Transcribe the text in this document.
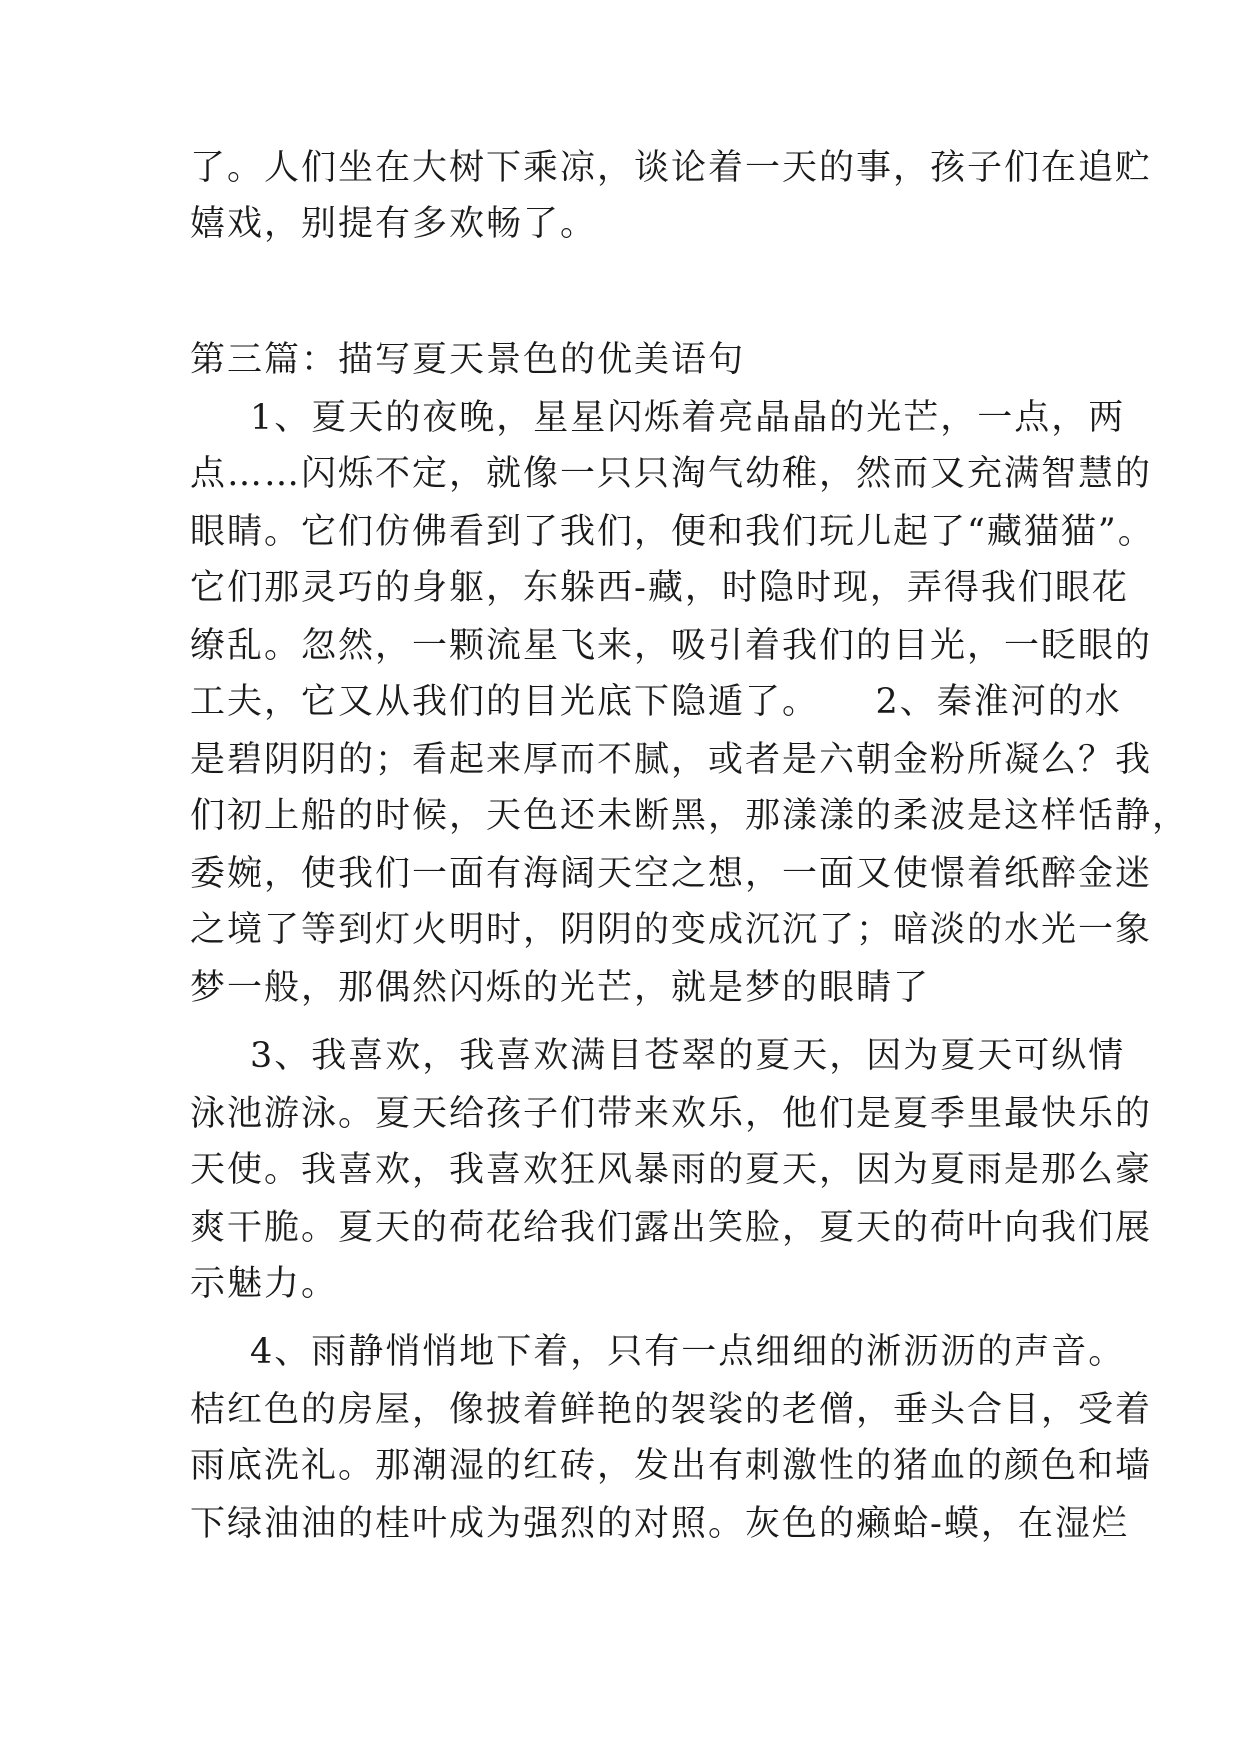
了。人们坐在大树下乘凉，谈论着一天的事，孩子们在追贮
嬉戏，别提有多欢畅了。
第三篇：描写夏天景色的优美语句
1、夏天的夜晚，星星闪烁着亮晶晶的光芒，一点，两
点……闪烁不定，就像一只只淘气幼稚，然而又充满智慧的
眼睛。它们仿佛看到了我们，便和我们玩儿起了“藏猫猫”。
它们那灵巧的身躯，东躲西-藏，时隐时现，弄得我们眼花
缭乱。忽然，一颗流星飞来，吸引着我们的目光，一眨眼的
工夫，它又从我们的目光底下隐遁了。　　2、秦淮河的水
是碧阴阴的；看起来厚而不腻，或者是六朝金粉所凝么？我
们初上船的时候，天色还未断黑，那漾漾的柔波是这样恬静，
委婉，使我们一面有海阔天空之想，一面又使憬着纸醉金迷
之境了等到灯火明时，阴阴的变成沉沉了；暗淡的水光一象
梦一般，那偶然闪烁的光芒，就是梦的眼睛了
3、我喜欢，我喜欢满目苍翠的夏天，因为夏天可纵情
泳池游泳。夏天给孩子们带来欢乐，他们是夏季里最快乐的
天使。我喜欢，我喜欢狂风暴雨的夏天，因为夏雨是那么豪
爽干脆。夏天的荷花给我们露出笑脸，夏天的荷叶向我们展
示魅力。
4、雨静悄悄地下着，只有一点细细的淅沥沥的声音。
桔红色的房屋，像披着鲜艳的袈裟的老僧，垂头合目，受着
雨底洗礼。那潮湿的红砖，发出有刺激性的猪血的颜色和墙
下绿油油的桂叶成为强烈的对照。灰色的癞蛤-蟆，在湿烂
